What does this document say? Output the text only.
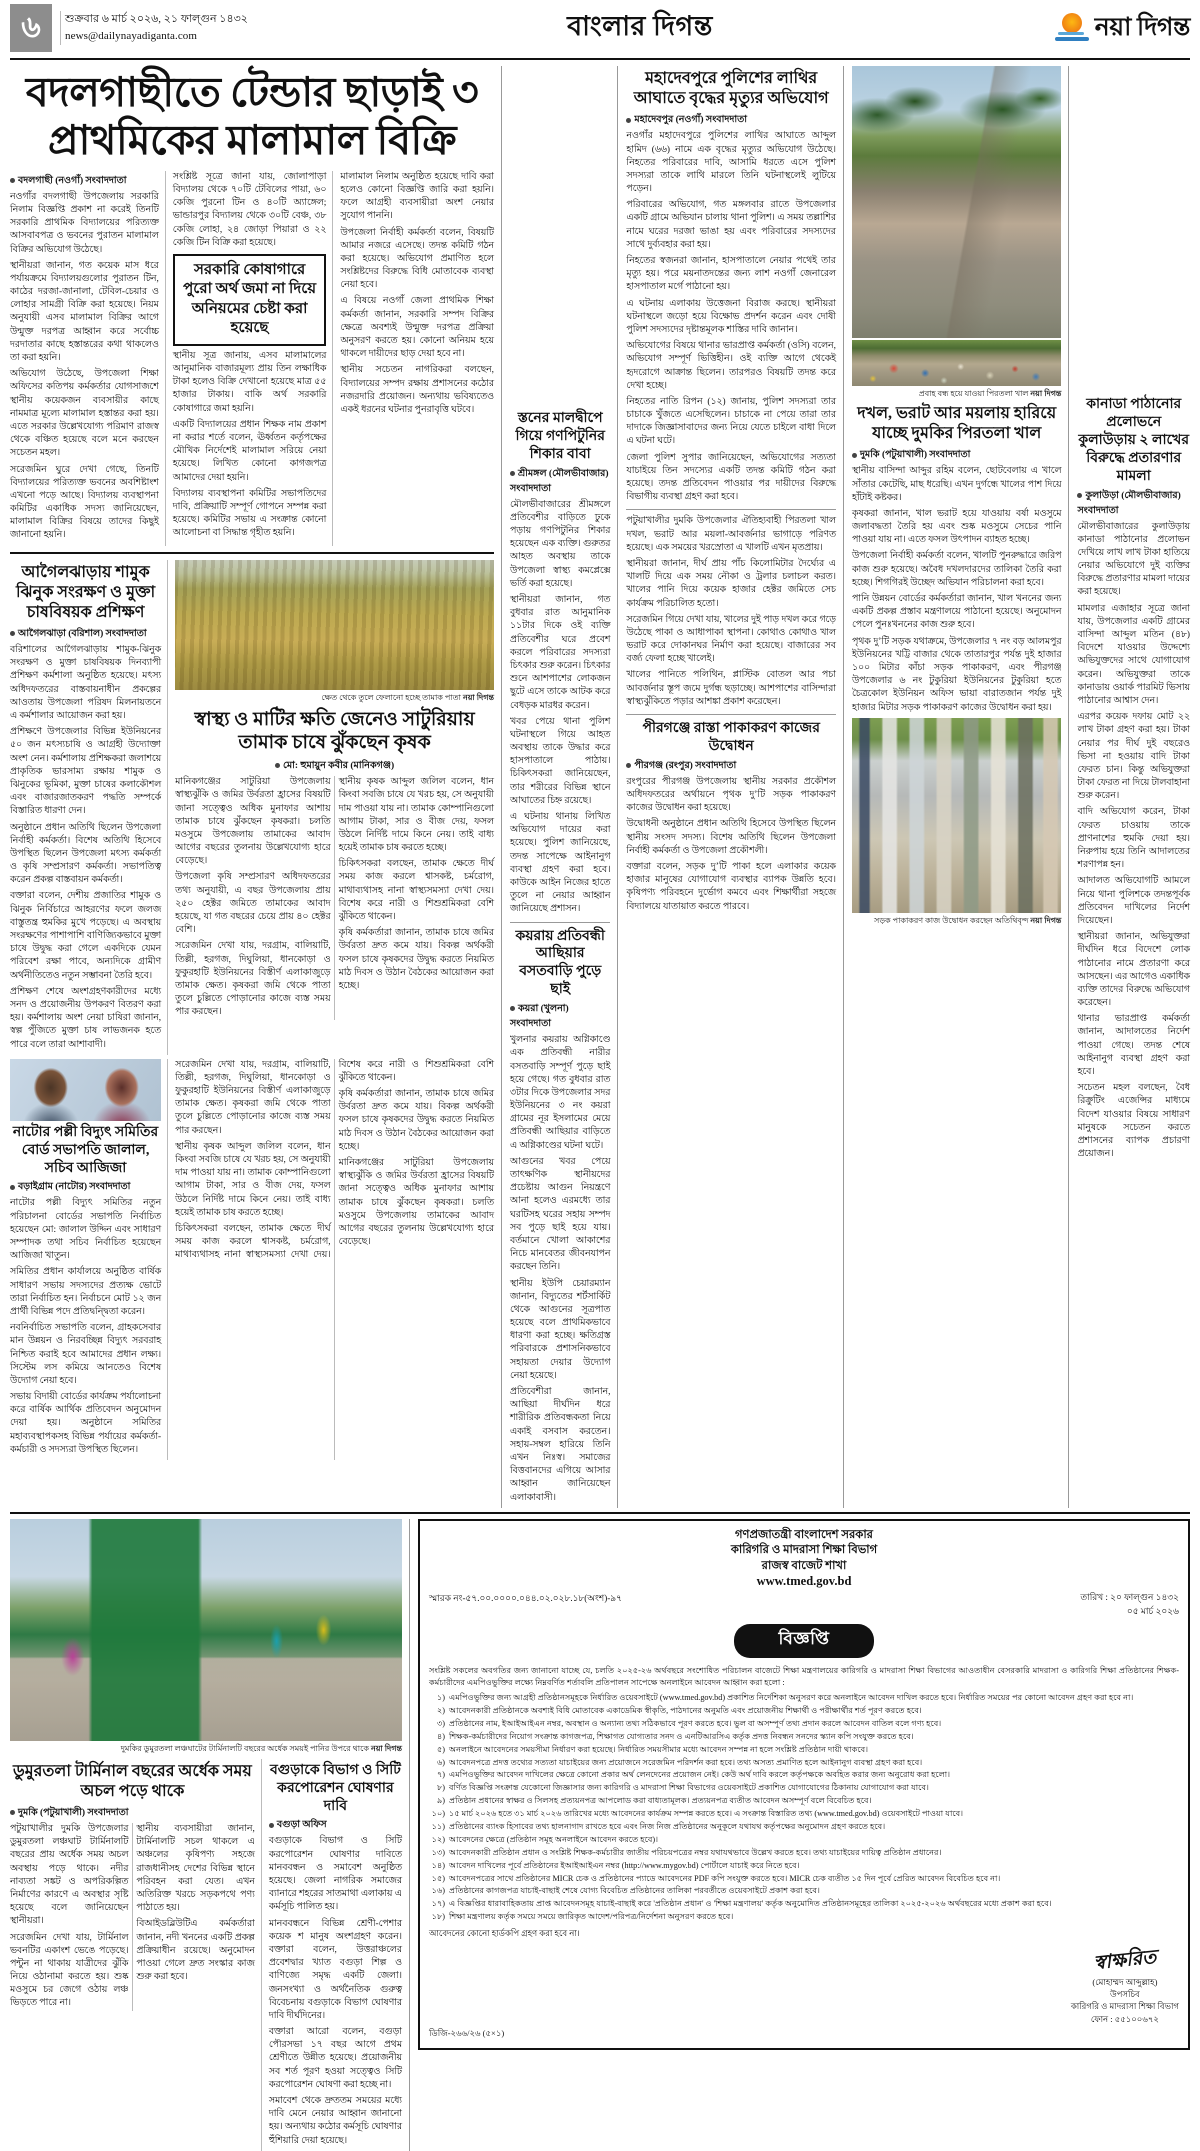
৬	শুক্রবার ৬ মার্চ ২০২৬, ২১ ফাল্গুন ১৪৩২
news@dailynayadiganta.com	বাংলার দিগন্ত	নয়া দিগন্ত
বদলগাছীতে টেন্ডার ছাড়াই ৩ প্রাথমিকের মালামাল বিক্রি
বদলগাছী (নওগাঁ) সংবাদদাতা

নওগাঁর বদলগাছী উপজেলায় সরকারি নিলাম বিজ্ঞপ্তি প্রকাশ না করেই তিনটি সরকারি প্রাথমিক বিদ্যালয়ের পরিত্যক্ত আসবাবপত্র ও ভবনের পুরাতন মালামাল বিক্রির অভিযোগ উঠেছে।

স্থানীয়রা জানান, গত কয়েক মাস ধরে পর্যায়ক্রমে বিদ্যালয়গুলোর পুরাতন টিন, কাঠের দরজা-জানালা, টেবিল-চেয়ার ও লোহার সামগ্রী বিক্রি করা হয়েছে। নিয়ম অনুযায়ী এসব মালামাল বিক্রির আগে উন্মুক্ত দরপত্র আহ্বান করে সর্বোচ্চ দরদাতার কাছে হস্তান্তরের কথা থাকলেও তা করা হয়নি।

অভিযোগ উঠেছে, উপজেলা শিক্ষা অফিসের কতিপয় কর্মকর্তার যোগসাজশে স্থানীয় কয়েকজন ব্যবসায়ীর কাছে নামমাত্র মূল্যে মালামাল হস্তান্তর করা হয়। এতে সরকার উল্লেখযোগ্য পরিমাণ রাজস্ব থেকে বঞ্চিত হয়েছে বলে মনে করছেন সচেতন মহল।

সরেজমিন ঘুরে দেখা গেছে, তিনটি বিদ্যালয়ের পরিত্যক্ত ভবনের অবশিষ্টাংশ এখনো পড়ে আছে। বিদ্যালয় ব্যবস্থাপনা কমিটির একাধিক সদস্য জানিয়েছেন, মালামাল বিক্রির বিষয়ে তাদের কিছুই জানানো হয়নি।

সংশ্লিষ্ট সূত্রে জানা যায়, জোলাপাড়া বিদ্যালয় থেকে ৭০টি টেবিলের পায়া, ৬০ কেজি পুরনো টিন ও ৪০টি অ্যাঙ্গেল; ভান্ডারপুর বিদ্যালয় থেকে ৩০টি বেঞ্চ, ৩৮ কেজি লোহা, ২৪ জোড়া পিয়ারা ও ২২ কেজি টিন বিক্রি করা হয়েছে।

সরকারি কোষাগারে পুরো অর্থ জমা না দিয়ে অনিয়মের চেষ্টা করা হয়েছে

স্থানীয় সূত্র জানায়, এসব মালামালের আনুমানিক বাজারমূল্য প্রায় তিন লক্ষাধিক টাকা হলেও বিক্রি দেখানো হয়েছে মাত্র ৫৫ হাজার টাকায়। বাকি অর্থ সরকারি কোষাগারে জমা হয়নি।

একটি বিদ্যালয়ের প্রধান শিক্ষক নাম প্রকাশ না করার শর্তে বলেন, ঊর্ধ্বতন কর্তৃপক্ষের মৌখিক নির্দেশেই মালামাল সরিয়ে নেয়া হয়েছে। লিখিত কোনো কাগজপত্র আমাদের দেয়া হয়নি।

বিদ্যালয় ব্যবস্থাপনা কমিটির সভাপতিদের দাবি, প্রক্রিয়াটি সম্পূর্ণ গোপনে সম্পন্ন করা হয়েছে। কমিটির সভায় এ সংক্রান্ত কোনো আলোচনা বা সিদ্ধান্ত গৃহীত হয়নি।

মালামাল নিলাম অনুষ্ঠিত হয়েছে দাবি করা হলেও কোনো বিজ্ঞপ্তি জারি করা হয়নি। ফলে আগ্রহী ব্যবসায়ীরা অংশ নেয়ার সুযোগ পাননি।

উপজেলা নির্বাহী কর্মকর্তা বলেন, বিষয়টি আমার নজরে এসেছে। তদন্ত কমিটি গঠন করা হয়েছে। অভিযোগ প্রমাণিত হলে সংশ্লিষ্টদের বিরুদ্ধে বিধি মোতাবেক ব্যবস্থা নেয়া হবে।

এ বিষয়ে নওগাঁ জেলা প্রাথমিক শিক্ষা কর্মকর্তা জানান, সরকারি সম্পদ বিক্রির ক্ষেত্রে অবশ্যই উন্মুক্ত দরপত্র প্রক্রিয়া অনুসরণ করতে হয়। কোনো অনিয়ম হয়ে থাকলে দায়ীদের ছাড় দেয়া হবে না।

স্থানীয় সচেতন নাগরিকরা বলছেন, বিদ্যালয়ের সম্পদ রক্ষায় প্রশাসনের কঠোর নজরদারি প্রয়োজন। অন্যথায় ভবিষ্যতেও একই ধরনের ঘটনার পুনরাবৃত্তি ঘটবে।

আগৈলঝাড়ায় শামুক ঝিনুক সংরক্ষণ ও মুক্তা চাষবিষয়ক প্রশিক্ষণ
আগৈলঝাড়া (বরিশাল) সংবাদদাতা

বরিশালের আগৈলঝাড়ায় শামুক-ঝিনুক সংরক্ষণ ও মুক্তা চাষবিষয়ক দিনব্যাপী প্রশিক্ষণ কর্মশালা অনুষ্ঠিত হয়েছে। মৎস্য অধিদফতরের বাস্তবায়নাধীন প্রকল্পের আওতায় উপজেলা পরিষদ মিলনায়তনে এ কর্মশালার আয়োজন করা হয়।

প্রশিক্ষণে উপজেলার বিভিন্ন ইউনিয়নের ৫০ জন মৎস্যচাষি ও আগ্রহী উদ্যোক্তা অংশ নেন। কর্মশালায় প্রশিক্ষকরা জলাশয়ে প্রাকৃতিক ভারসাম্য রক্ষায় শামুক ও ঝিনুকের ভূমিকা, মুক্তা চাষের কলাকৌশল এবং বাজারজাতকরণ পদ্ধতি সম্পর্কে বিস্তারিত ধারণা দেন।

অনুষ্ঠানে প্রধান অতিথি ছিলেন উপজেলা নির্বাহী কর্মকর্তা। বিশেষ অতিথি হিসেবে উপস্থিত ছিলেন উপজেলা মৎস্য কর্মকর্তা ও কৃষি সম্প্রসারণ কর্মকর্তা। সভাপতিত্ব করেন প্রকল্প বাস্তবায়ন কর্মকর্তা।

বক্তারা বলেন, দেশীয় প্রজাতির শামুক ও ঝিনুক নির্বিচারে আহরণের ফলে জলজ বাস্তুতন্ত্র হুমকির মুখে পড়েছে। এ অবস্থায় সংরক্ষণের পাশাপাশি বাণিজ্যিকভাবে মুক্তা চাষে উদ্বুদ্ধ করা গেলে একদিকে যেমন পরিবেশ রক্ষা পাবে, অন্যদিকে গ্রামীণ অর্থনীতিতেও নতুন সম্ভাবনা তৈরি হবে।

প্রশিক্ষণ শেষে অংশগ্রহণকারীদের মধ্যে সনদ ও প্রয়োজনীয় উপকরণ বিতরণ করা হয়। কর্মশালায় অংশ নেয়া চাষিরা জানান, স্বল্প পুঁজিতে মুক্তা চাষ লাভজনক হতে পারে বলে তারা আশাবাদী।

ক্ষেত থেকে তুলে ফেলানো হচ্ছে তামাক পাতা নয়া দিগন্ত
স্বাস্থ্য ও মাটির ক্ষতি জেনেও সাটুরিয়ায় তামাক চাষে ঝুঁকছেন কৃষক
মো: হুমায়ুন কবীর (মানিকগঞ্জ)

মানিকগঞ্জের সাটুরিয়া উপজেলায় স্বাস্থ্যঝুঁকি ও জমির উর্বরতা হ্রাসের বিষয়টি জানা সত্ত্বেও অধিক মুনাফার আশায় তামাক চাষে ঝুঁকছেন কৃষকরা। চলতি মওসুমে উপজেলায় তামাকের আবাদ আগের বছরের তুলনায় উল্লেখযোগ্য হারে বেড়েছে।

উপজেলা কৃষি সম্প্রসারণ অধিদফতরের তথ্য অনুযায়ী, এ বছর উপজেলায় প্রায় ২৫০ হেক্টর জমিতে তামাকের আবাদ হয়েছে, যা গত বছরের চেয়ে প্রায় ৪০ হেক্টর বেশি।

সরেজমিন দেখা যায়, দরগ্রাম, বালিয়াটি, তিল্লী, হরগজ, দিঘুলিয়া, ধানকোড়া ও ফুকুরহাটি ইউনিয়নের বিস্তীর্ণ এলাকাজুড়ে তামাক ক্ষেত। কৃষকরা জমি থেকে পাতা তুলে চুল্লিতে পোড়ানোর কাজে ব্যস্ত সময় পার করছেন।

স্থানীয় কৃষক আব্দুল জলিল বলেন, ধান কিংবা সবজি চাষে যে খরচ হয়, সে অনুযায়ী দাম পাওয়া যায় না। তামাক কোম্পানিগুলো আগাম টাকা, সার ও বীজ দেয়, ফসল উঠলে নির্দিষ্ট দামে কিনে নেয়। তাই বাধ্য হয়েই তামাক চাষ করতে হচ্ছে।

চিকিৎসকরা বলছেন, তামাক ক্ষেতে দীর্ঘ সময় কাজ করলে শ্বাসকষ্ট, চর্মরোগ, মাথাব্যথাসহ নানা স্বাস্থ্যসমস্যা দেখা দেয়। বিশেষ করে নারী ও শিশুশ্রমিকরা বেশি ঝুঁকিতে থাকেন।

কৃষি কর্মকর্তারা জানান, তামাক চাষে জমির উর্বরতা দ্রুত কমে যায়। বিকল্প অর্থকরী ফসল চাষে কৃষকদের উদ্বুদ্ধ করতে নিয়মিত মাঠ দিবস ও উঠান বৈঠকের আয়োজন করা হচ্ছে।

নাটোর পল্লী বিদ্যুৎ সমিতির বোর্ড সভাপতি জালাল, সচিব আজিজা
বড়াইগ্রাম (নাটোর) সংবাদদাতা

নাটোর পল্লী বিদ্যুৎ সমিতির নতুন পরিচালনা বোর্ডের সভাপতি নির্বাচিত হয়েছেন মো: জালাল উদ্দিন এবং সাধারণ সম্পাদক তথা সচিব নির্বাচিত হয়েছেন আজিজা খাতুন।

সমিতির প্রধান কার্যালয়ে অনুষ্ঠিত বার্ষিক সাধারণ সভায় সদস্যদের প্রত্যক্ষ ভোটে তারা নির্বাচিত হন। নির্বাচনে মোট ১২ জন প্রার্থী বিভিন্ন পদে প্রতিদ্বন্দ্বিতা করেন।

নবনির্বাচিত সভাপতি বলেন, গ্রাহকসেবার মান উন্নয়ন ও নিরবচ্ছিন্ন বিদ্যুৎ সরবরাহ নিশ্চিত করাই হবে আমাদের প্রধান লক্ষ্য। সিস্টেম লস কমিয়ে আনতেও বিশেষ উদ্যোগ নেয়া হবে।

সভায় বিদায়ী বোর্ডের কার্যক্রম পর্যালোচনা করে বার্ষিক আর্থিক প্রতিবেদন অনুমোদন দেয়া হয়। অনুষ্ঠানে সমিতির মহাব্যবস্থাপকসহ বিভিন্ন পর্যায়ের কর্মকর্তা-কর্মচারী ও সদস্যরা উপস্থিত ছিলেন।

সরেজমিন দেখা যায়, দরগ্রাম, বালিয়াটি, তিল্লী, হরগজ, দিঘুলিয়া, ধানকোড়া ও ফুকুরহাটি ইউনিয়নের বিস্তীর্ণ এলাকাজুড়ে তামাক ক্ষেত। কৃষকরা জমি থেকে পাতা তুলে চুল্লিতে পোড়ানোর কাজে ব্যস্ত সময় পার করছেন।

স্থানীয় কৃষক আব্দুল জলিল বলেন, ধান কিংবা সবজি চাষে যে খরচ হয়, সে অনুযায়ী দাম পাওয়া যায় না। তামাক কোম্পানিগুলো আগাম টাকা, সার ও বীজ দেয়, ফসল উঠলে নির্দিষ্ট দামে কিনে নেয়। তাই বাধ্য হয়েই তামাক চাষ করতে হচ্ছে।

চিকিৎসকরা বলছেন, তামাক ক্ষেতে দীর্ঘ সময় কাজ করলে শ্বাসকষ্ট, চর্মরোগ, মাথাব্যথাসহ নানা স্বাস্থ্যসমস্যা দেখা দেয়। বিশেষ করে নারী ও শিশুশ্রমিকরা বেশি ঝুঁকিতে থাকেন।

কৃষি কর্মকর্তারা জানান, তামাক চাষে জমির উর্বরতা দ্রুত কমে যায়। বিকল্প অর্থকরী ফসল চাষে কৃষকদের উদ্বুদ্ধ করতে নিয়মিত মাঠ দিবস ও উঠান বৈঠকের আয়োজন করা হচ্ছে।

মানিকগঞ্জের সাটুরিয়া উপজেলায় স্বাস্থ্যঝুঁকি ও জমির উর্বরতা হ্রাসের বিষয়টি জানা সত্ত্বেও অধিক মুনাফার আশায় তামাক চাষে ঝুঁকছেন কৃষকরা। চলতি মওসুমে উপজেলায় তামাকের আবাদ আগের বছরের তুলনায় উল্লেখযোগ্য হারে বেড়েছে।

স্তনের মালদ্বীপে গিয়ে গণপিটুনির শিকার বাবা
শ্রীমঙ্গল (মৌলভীবাজার) সংবাদদাতা

মৌলভীবাজারের শ্রীমঙ্গলে প্রতিবেশীর বাড়িতে ঢুকে পড়ায় গণপিটুনির শিকার হয়েছেন এক ব্যক্তি। গুরুতর আহত অবস্থায় তাকে উপজেলা স্বাস্থ্য কমপ্লেক্সে ভর্তি করা হয়েছে।

স্থানীয়রা জানান, গত বুধবার রাত আনুমানিক ১১টার দিকে ওই ব্যক্তি প্রতিবেশীর ঘরে প্রবেশ করলে পরিবারের সদস্যরা চিৎকার শুরু করেন। চিৎকার শুনে আশপাশের লোকজন ছুটে এসে তাকে আটক করে বেধড়ক মারধর করেন।

খবর পেয়ে থানা পুলিশ ঘটনাস্থলে গিয়ে আহত অবস্থায় তাকে উদ্ধার করে হাসপাতালে পাঠায়। চিকিৎসকরা জানিয়েছেন, তার শরীরের বিভিন্ন স্থানে আঘাতের চিহ্ন রয়েছে।

এ ঘটনায় থানায় লিখিত অভিযোগ দায়ের করা হয়েছে। পুলিশ জানিয়েছে, তদন্ত সাপেক্ষে আইনানুগ ব্যবস্থা গ্রহণ করা হবে। কাউকে আইন নিজের হাতে তুলে না নেয়ার আহ্বান জানিয়েছে প্রশাসন।

কয়রায় প্রতিবন্ধী আছিয়ার বসতবাড়ি পুড়ে ছাই
কয়রা (খুলনা) সংবাদদাতা

খুলনার কয়রায় অগ্নিকাণ্ডে এক প্রতিবন্ধী নারীর বসতবাড়ি সম্পূর্ণ পুড়ে ছাই হয়ে গেছে। গত বুধবার রাত ৩টার দিকে উপজেলার সদর ইউনিয়নের ৩ নং কয়রা গ্রামের নূর ইসলামের মেয়ে প্রতিবন্ধী আছিয়ার বাড়িতে এ অগ্নিকাণ্ডের ঘটনা ঘটে।

আগুনের খবর পেয়ে তাৎক্ষণিক স্থানীয়দের প্রচেষ্টায় আগুন নিয়ন্ত্রণে আনা হলেও এরমধ্যে তার ঘরটিসহ ঘরের সহায় সম্পদ সব পুড়ে ছাই হয়ে যায়। বর্তমানে খোলা আকাশের নিচে মানবেতর জীবনযাপন করছেন তিনি।

স্থানীয় ইউপি চেয়ারম্যান জানান, বিদ্যুতের শর্টসার্কিট থেকে আগুনের সূত্রপাত হয়েছে বলে প্রাথমিকভাবে ধারণা করা হচ্ছে। ক্ষতিগ্রস্ত পরিবারকে প্রশাসনিকভাবে সহায়তা দেয়ার উদ্যোগ নেয়া হয়েছে।

প্রতিবেশীরা জানান, আছিয়া দীর্ঘদিন ধরে শারীরিক প্রতিবন্ধকতা নিয়ে একাই বসবাস করতেন। সহায়-সম্বল হারিয়ে তিনি এখন নিঃস্ব। সমাজের বিত্তবানদের এগিয়ে আসার আহ্বান জানিয়েছেন এলাকাবাসী।

মহাদেবপুরে পুলিশের লাথির আঘাতে বৃদ্ধের মৃত্যুর অভিযোগ
মহাদেবপুর (নওগাঁ) সংবাদদাতা

নওগাঁর মহাদেবপুরে পুলিশের লাথির আঘাতে আব্দুল হামিদ (৬৬) নামে এক বৃদ্ধের মৃত্যুর অভিযোগ উঠেছে। নিহতের পরিবারের দাবি, আসামি ধরতে এসে পুলিশ সদস্যরা তাকে লাথি মারলে তিনি ঘটনাস্থলেই লুটিয়ে পড়েন।

পরিবারের অভিযোগ, গত মঙ্গলবার রাতে উপজেলার একটি গ্রামে অভিযান চালায় থানা পুলিশ। এ সময় তল্লাশির নামে ঘরের দরজা ভাঙা হয় এবং পরিবারের সদস্যদের সাথে দুর্ব্যবহার করা হয়।

নিহতের স্বজনরা জানান, হাসপাতালে নেয়ার পথেই তার মৃত্যু হয়। পরে ময়নাতদন্তের জন্য লাশ নওগাঁ জেনারেল হাসপাতাল মর্গে পাঠানো হয়।

এ ঘটনায় এলাকায় উত্তেজনা বিরাজ করছে। স্থানীয়রা ঘটনাস্থলে জড়ো হয়ে বিক্ষোভ প্রদর্শন করেন এবং দোষী পুলিশ সদস্যদের দৃষ্টান্তমূলক শাস্তির দাবি জানান।

অভিযোগের বিষয়ে থানার ভারপ্রাপ্ত কর্মকর্তা (ওসি) বলেন, অভিযোগ সম্পূর্ণ ভিত্তিহীন। ওই ব্যক্তি আগে থেকেই হৃদরোগে আক্রান্ত ছিলেন। তারপরও বিষয়টি তদন্ত করে দেখা হচ্ছে।

নিহতের নাতি রিপন (১২) জানায়, পুলিশ সদস্যরা তার চাচাকে খুঁজতে এসেছিলেন। চাচাকে না পেয়ে তারা তার দাদাকে জিজ্ঞাসাবাদের জন্য নিয়ে যেতে চাইলে বাধা দিলে এ ঘটনা ঘটে।

জেলা পুলিশ সুপার জানিয়েছেন, অভিযোগের সত্যতা যাচাইয়ে তিন সদস্যের একটি তদন্ত কমিটি গঠন করা হয়েছে। তদন্ত প্রতিবেদন পাওয়ার পর দায়ীদের বিরুদ্ধে বিভাগীয় ব্যবস্থা গ্রহণ করা হবে।

পটুয়াখালীর দুমকি উপজেলার ঐতিহ্যবাহী পিরতলা খাল দখল, ভরাট আর ময়লা-আবর্জনার ভাগাড়ে পরিণত হয়েছে। এক সময়ের খরস্রোতা এ খালটি এখন মৃতপ্রায়।

স্থানীয়রা জানান, দীর্ঘ প্রায় পাঁচ কিলোমিটার দৈর্ঘ্যের এ খালটি দিয়ে এক সময় নৌকা ও ট্রলার চলাচল করত। খালের পানি দিয়ে কয়েক হাজার হেক্টর জমিতে সেচ কার্যক্রম পরিচালিত হতো।

সরেজমিন গিয়ে দেখা যায়, খালের দুই পাড় দখল করে গড়ে উঠেছে পাকা ও আধাপাকা স্থাপনা। কোথাও কোথাও খাল ভরাট করে দোকানঘর নির্মাণ করা হয়েছে। বাজারের সব বর্জ্য ফেলা হচ্ছে খালেই।

খালের পানিতে পলিথিন, প্লাস্টিক বোতল আর পচা আবর্জনার স্তূপ জমে দুর্গন্ধ ছড়াচ্ছে। আশপাশের বাসিন্দারা স্বাস্থ্যঝুঁকিতে পড়ার আশঙ্কা প্রকাশ করেছেন।

পীরগঞ্জে রাস্তা পাকাকরণ কাজের উদ্বোধন
পীরগঞ্জ (রংপুর) সংবাদদাতা

রংপুরের পীরগঞ্জ উপজেলায় স্থানীয় সরকার প্রকৌশল অধিদফতরের অর্থায়নে পৃথক দু’টি সড়ক পাকাকরণ কাজের উদ্বোধন করা হয়েছে।

উদ্বোধনী অনুষ্ঠানে প্রধান অতিথি হিসেবে উপস্থিত ছিলেন স্থানীয় সংসদ সদস্য। বিশেষ অতিথি ছিলেন উপজেলা নির্বাহী কর্মকর্তা ও উপজেলা প্রকৌশলী।

বক্তারা বলেন, সড়ক দু’টি পাকা হলে এলাকার কয়েক হাজার মানুষের যোগাযোগ ব্যবস্থার ব্যাপক উন্নতি হবে। কৃষিপণ্য পরিবহনে দুর্ভোগ কমবে এবং শিক্ষার্থীরা সহজে বিদ্যালয়ে যাতায়াত করতে পারবে।

প্রবাহ বন্ধ হয়ে যাওয়া পিরতলা খাল নয়া দিগন্ত
দখল, ভরাট আর ময়লায় হারিয়ে যাচ্ছে দুমকির পিরতলা খাল
দুমকি (পটুয়াখালী) সংবাদদাতা

স্থানীয় বাসিন্দা আব্দুর রহিম বলেন, ছোটবেলায় এ খালে সাঁতার কেটেছি, মাছ ধরেছি। এখন দুর্গন্ধে খালের পাশ দিয়ে হাঁটাই কষ্টকর।

কৃষকরা জানান, খাল ভরাট হয়ে যাওয়ায় বর্ষা মওসুমে জলাবদ্ধতা তৈরি হয় এবং শুষ্ক মওসুমে সেচের পানি পাওয়া যায় না। এতে ফসল উৎপাদন ব্যাহত হচ্ছে।

উপজেলা নির্বাহী কর্মকর্তা বলেন, খালটি পুনরুদ্ধারে জরিপ কাজ শুরু হয়েছে। অবৈধ দখলদারদের তালিকা তৈরি করা হচ্ছে। শিগগিরই উচ্ছেদ অভিযান পরিচালনা করা হবে।

পানি উন্নয়ন বোর্ডের কর্মকর্তারা জানান, খাল খননের জন্য একটি প্রকল্প প্রস্তাব মন্ত্রণালয়ে পাঠানো হয়েছে। অনুমোদন পেলে পুনঃখননের কাজ শুরু হবে।

পৃথক দু’টি সড়ক যথাক্রমে, উপজেলার ৭ নং বড় আলমপুর ইউনিয়নের খট্টি বাজার থেকে তাতারপুর পর্যন্ত দুই হাজার ১০০ মিটার কাঁচা সড়ক পাকাকরণ, এবং পীরগঞ্জ উপজেলার ৬ নং টুকুরিয়া ইউনিয়নের টুকুরিয়া হতে চৈত্রকোল ইউনিয়ন অফিস ভায়া বারাতজান পর্যন্ত দুই হাজার মিটার সড়ক পাকাকরণ কাজের উদ্বোধন করা হয়।

সড়ক পাকাকরণ কাজ উদ্বোধন করছেন অতিথিবৃন্দ নয়া দিগন্ত
কানাডা পাঠানোর প্রলোভনে কুলাউড়ায় ২ লাখের বিরুদ্ধে প্রতারণার মামলা
কুলাউড়া (মৌলভীবাজার) সংবাদদাতা

মৌলভীবাজারের কুলাউড়ায় কানাডা পাঠানোর প্রলোভন দেখিয়ে লাখ লাখ টাকা হাতিয়ে নেয়ার অভিযোগে দুই ব্যক্তির বিরুদ্ধে প্রতারণার মামলা দায়ের করা হয়েছে।

মামলার এজাহার সূত্রে জানা যায়, উপজেলার একটি গ্রামের বাসিন্দা আব্দুল মতিন (৪৮) বিদেশে যাওয়ার উদ্দেশ্যে অভিযুক্তদের সাথে যোগাযোগ করেন। অভিযুক্তরা তাকে কানাডায় ওয়ার্ক পারমিট ভিসায় পাঠানোর আশ্বাস দেন।

এরপর কয়েক দফায় মোট ২২ লাখ টাকা গ্রহণ করা হয়। টাকা নেয়ার পর দীর্ঘ দুই বছরেও ভিসা না হওয়ায় বাদি টাকা ফেরত চান। কিন্তু অভিযুক্তরা টাকা ফেরত না দিয়ে টালবাহানা শুরু করেন।

বাদি অভিযোগ করেন, টাকা ফেরত চাওয়ায় তাকে প্রাণনাশের হুমকি দেয়া হয়। নিরুপায় হয়ে তিনি আদালতের শরণাপন্ন হন।

আদালত অভিযোগটি আমলে নিয়ে থানা পুলিশকে তদন্তপূর্বক প্রতিবেদন দাখিলের নির্দেশ দিয়েছেন।

স্থানীয়রা জানান, অভিযুক্তরা দীর্ঘদিন ধরে বিদেশে লোক পাঠানোর নামে প্রতারণা করে আসছেন। এর আগেও একাধিক ব্যক্তি তাদের বিরুদ্ধে অভিযোগ করেছেন।

থানার ভারপ্রাপ্ত কর্মকর্তা জানান, আদালতের নির্দেশ পাওয়া গেছে। তদন্ত শেষে আইনানুগ ব্যবস্থা গ্রহণ করা হবে।

সচেতন মহল বলছেন, বৈধ রিক্রুটিং এজেন্সির মাধ্যমে বিদেশ যাওয়ার বিষয়ে সাধারণ মানুষকে সচেতন করতে প্রশাসনের ব্যাপক প্রচারণা প্রয়োজন।

দুমকির ডুমুরতলা লঞ্চঘাটের টার্মিনালটি বছরের অর্ধেক সময়ই পানির উপরে থাকে নয়া দিগন্ত
ডুমুরতলা টার্মিনাল বছরের অর্ধেক সময় অচল পড়ে থাকে
দুমকি (পটুয়াখালী) সংবাদদাতা

পটুয়াখালীর দুমকি উপজেলার ডুমুরতলা লঞ্চঘাট টার্মিনালটি বছরের প্রায় অর্ধেক সময় অচল অবস্থায় পড়ে থাকে। নদীর নাব্যতা সঙ্কট ও অপরিকল্পিত নির্মাণের কারণে এ অবস্থার সৃষ্টি হয়েছে বলে জানিয়েছেন স্থানীয়রা।

সরেজমিন দেখা যায়, টার্মিনাল ভবনটির একাংশ ভেঙে পড়েছে। পন্টুন না থাকায় যাত্রীদের ঝুঁকি নিয়ে ওঠানামা করতে হয়। শুষ্ক মওসুমে চর জেগে ওঠায় লঞ্চ ভিড়তে পারে না।

স্থানীয় ব্যবসায়ীরা জানান, টার্মিনালটি সচল থাকলে এ অঞ্চলের কৃষিপণ্য সহজে রাজধানীসহ দেশের বিভিন্ন স্থানে পরিবহন করা যেত। এখন অতিরিক্ত খরচে সড়কপথে পণ্য পাঠাতে হয়।

বিআইডব্লিউটিএ কর্মকর্তারা জানান, নদী খননের একটি প্রকল্প প্রক্রিয়াধীন রয়েছে। অনুমোদন পাওয়া গেলে দ্রুত সংস্কার কাজ শুরু করা হবে।

বগুড়াকে বিভাগ ও সিটি করপোরেশন ঘোষণার দাবি
বগুড়া অফিস

বগুড়াকে বিভাগ ও সিটি করপোরেশন ঘোষণার দাবিতে মানববন্ধন ও সমাবেশ অনুষ্ঠিত হয়েছে। জেলা নাগরিক সমাজের ব্যানারে শহরের সাতমাথা এলাকায় এ কর্মসূচি পালিত হয়।

মানববন্ধনে বিভিন্ন শ্রেণী-পেশার কয়েক শ মানুষ অংশগ্রহণ করেন। বক্তারা বলেন, উত্তরাঞ্চলের প্রবেশদ্বার খ্যাত বগুড়া শিল্প ও বাণিজ্যে সমৃদ্ধ একটি জেলা। জনসংখ্যা ও অর্থনৈতিক গুরুত্ব বিবেচনায় বগুড়াকে বিভাগ ঘোষণার দাবি দীর্ঘদিনের।

বক্তারা আরো বলেন, বগুড়া পৌরসভা ১৭ বছর আগে প্রথম শ্রেণীতে উন্নীত হয়েছে। প্রয়োজনীয় সব শর্ত পূরণ হওয়া সত্ত্বেও সিটি করপোরেশন ঘোষণা করা হচ্ছে না।

সমাবেশ থেকে দ্রুততম সময়ের মধ্যে দাবি মেনে নেয়ার আহ্বান জানানো হয়। অন্যথায় কঠোর কর্মসূচি ঘোষণার হুঁশিয়ারি দেয়া হয়েছে।

গণপ্রজাতন্ত্রী বাংলাদেশ সরকার
কারিগরি ও মাদরাসা শিক্ষা বিভাগ
রাজস্ব বাজেট শাখা
www.tmed.gov.bd
স্মারক নং-৫৭.০০.০০০০.০৪৪.০২.০২৮.১৮(অংশ)-৯৭	তারিখ : ২০ ফাল্গুন ১৪৩২
০৫ মার্চ ২০২৬
বিজ্ঞপ্তি
সংশ্লিষ্ট সকলের অবগতির জন্য জানানো যাচ্ছে যে, চলতি ২০২৫-২৬ অর্থবছরে সংশোধিত পরিচালন বাজেটে শিক্ষা মন্ত্রণালয়ের কারিগরি ও মাদরাসা শিক্ষা বিভাগের আওতাধীন বেসরকারি মাদরাসা ও কারিগরি শিক্ষা প্রতিষ্ঠানের শিক্ষক-কর্মচারীদের এমপিওভুক্তির লক্ষ্যে নিম্নবর্ণিত শর্তাবলি প্রতিপালন সাপেক্ষে অনলাইনে আবেদন আহ্বান করা হলো :
১) এমপিওভুক্তির জন্য আগ্রহী প্রতিষ্ঠানসমূহকে নির্ধারিত ওয়েবসাইটে (www.tmed.gov.bd) প্রকাশিত নির্দেশিকা অনুসরণ করে অনলাইনে আবেদন দাখিল করতে হবে। নির্ধারিত সময়ের পর কোনো আবেদন গ্রহণ করা হবে না।
২) আবেদনকারী প্রতিষ্ঠানকে অবশ্যই বিধি মোতাবেক একাডেমিক স্বীকৃতি, পাঠদানের অনুমতি এবং প্রয়োজনীয় শিক্ষার্থী ও পরীক্ষার্থীর শর্ত পূরণ করতে হবে।
৩) প্রতিষ্ঠানের নাম, ইআইআইএন নম্বর, অবস্থান ও অন্যান্য তথ্য সঠিকভাবে পূরণ করতে হবে। ভুল বা অসম্পূর্ণ তথ্য প্রদান করলে আবেদন বাতিল বলে গণ্য হবে।
৪) শিক্ষক-কর্মচারীদের নিয়োগ সংক্রান্ত কাগজপত্র, শিক্ষাগত যোগ্যতার সনদ ও এনটিআরসিএ কর্তৃক প্রদত্ত নিবন্ধন সনদের স্ক্যান কপি সংযুক্ত করতে হবে।
৫) অনলাইনে আবেদনের সময়সীমা নির্ধারণ করা হয়েছে। নির্ধারিত সময়সীমার মধ্যে আবেদন সম্পন্ন না হলে সংশ্লিষ্ট প্রতিষ্ঠান দায়ী থাকবে।
৬) আবেদনপত্রে প্রদত্ত তথ্যের সত্যতা যাচাইয়ের জন্য প্রয়োজনে সরেজমিন পরিদর্শন করা হবে। তথ্য অসত্য প্রমাণিত হলে আইনানুগ ব্যবস্থা গ্রহণ করা হবে।
৭) এমপিওভুক্তির আবেদন দাখিলের ক্ষেত্রে কোনো প্রকার অর্থ লেনদেনের প্রয়োজন নেই। কেউ অর্থ দাবি করলে কর্তৃপক্ষকে অবহিত করার জন্য অনুরোধ করা হলো।
৮) বর্ণিত বিজ্ঞপ্তি সংক্রান্ত যেকোনো জিজ্ঞাসার জন্য কারিগরি ও মাদরাসা শিক্ষা বিভাগের ওয়েবসাইটে প্রকাশিত যোগাযোগের ঠিকানায় যোগাযোগ করা যাবে।
৯) প্রতিষ্ঠান প্রধানের স্বাক্ষর ও সিলসহ প্রত্যয়নপত্র আপলোড করা বাধ্যতামূলক। প্রত্যয়নপত্র ব্যতীত আবেদন অসম্পূর্ণ বলে বিবেচিত হবে।
১০) ১৫ মার্চ ২০২৬ হতে ৩১ মার্চ ২০২৬ তারিখের মধ্যে আবেদনের কার্যক্রম সম্পন্ন করতে হবে। এ সংক্রান্ত বিস্তারিত তথ্য (www.tmed.gov.bd) ওয়েবসাইটে পাওয়া যাবে।
১১) প্রতিষ্ঠানের ব্যাংক হিসাবের তথ্য হালনাগাদ রাখতে হবে এবং নিজ নিজ প্রতিষ্ঠানের অনুকূলে যথাযথ কর্তৃপক্ষের অনুমোদন গ্রহণ করতে হবে।
১২) আবেদনের ক্ষেত্রে (প্রতিষ্ঠান সমূহ অনলাইনে আবেদন করতে হবে)।
১৩) আবেদনকারী প্রতিষ্ঠান প্রধান ও সংশ্লিষ্ট শিক্ষক-কর্মচারীর জাতীয় পরিচয়পত্রের নম্বর যথাযথভাবে উল্লেখ করতে হবে। তথ্য যাচাইয়ের দায়িত্ব প্রতিষ্ঠান প্রধানের।
১৪) আবেদন দাখিলের পূর্বে প্রতিষ্ঠানের ইআইআইএন নম্বর (http://www.mygov.bd) পোর্টালে যাচাই করে নিতে হবে।
১৫) আবেদনপত্রের সাথে প্রতিষ্ঠানের MICR চেক ও প্রতিষ্ঠানের প্যাডে আবেদনের PDF কপি সংযুক্ত করতে হবে। MICR চেক ব্যতীত ১৫ দিন পূর্বে প্রেরিত আবেদন বিবেচিত হবে না।
১৬) প্রতিষ্ঠানের কাগজপত্র যাচাই-বাছাই শেষে যোগ্য বিবেচিত প্রতিষ্ঠানের তালিকা পরবর্তীতে ওয়েবসাইটে প্রকাশ করা হবে।
১৭) এ বিজ্ঞপ্তির ধারাবাহিকতায় প্রাপ্ত আবেদনসমূহ যাচাই-বাছাই করে 'প্রতিষ্ঠান প্রধান' ও 'শিক্ষা মন্ত্রণালয়' কর্তৃক অনুমোদিত প্রতিষ্ঠানসমূহের তালিকা ২০২৫-২০২৬ অর্থবছরের মধ্যে প্রকাশ করা হবে।
১৮) শিক্ষা মন্ত্রণালয় কর্তৃক সময়ে সময়ে জারিকৃত আদেশ/পরিপত্র/নির্দেশনা অনুসরণ করতে হবে।
আবেদনের কোনো হার্ডকপি গ্রহণ করা হবে না।
স্বাক্ষরিত
(মোহাম্মদ আব্দুল্লাহ)
উপসচিব
কারিগরি ও মাদরাসা শিক্ষা বিভাগ
ফোন : ৫৫১০০৬৭২
ডিজি-২৬৬/২৬ (৫×১)
